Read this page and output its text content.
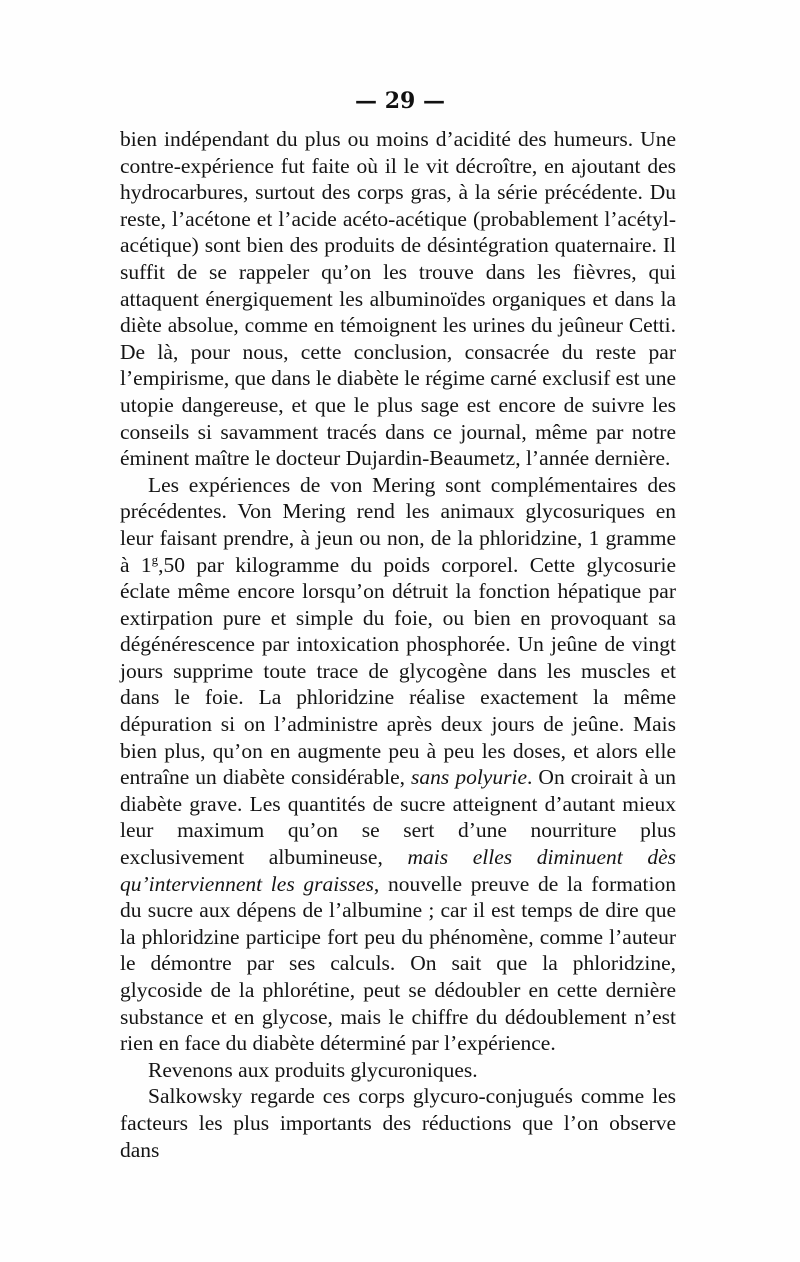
— 29 —

bien indépendant du plus ou moins d’acidité des humeurs. Une contre-expérience fut faite où il le vit décroître, en ajoutant des hydrocarbures, surtout des corps gras, à la série précédente. Du reste, l’acétone et l’acide acéto-acétique (probablement l’acétyl-acétique) sont bien des produits de désintégration quaternaire. Il suffit de se rappeler qu’on les trouve dans les fièvres, qui attaquent énergiquement les albuminoïdes organiques et dans la diète absolue, comme en témoignent les urines du jeûneur Cetti. De là, pour nous, cette conclusion, consacrée du reste par l’empirisme, que dans le diabète le régime carné exclusif est une utopie dangereuse, et que le plus sage est encore de suivre les conseils si savamment tracés dans ce journal, même par notre éminent maître le docteur Dujardin-Beaumetz, l’année dernière.

Les expériences de von Mering sont complémentaires des précédentes. Von Mering rend les animaux glycosuriques en leur faisant prendre, à jeun ou non, de la phloridzine, 1 gramme à 1$^g$,50 par kilogramme du poids corporel. Cette glycosurie éclate même encore lorsqu’on détruit la fonction hépatique par extirpation pure et simple du foie, ou bien en provoquant sa dégénérescence par intoxication phosphorée. Un jeûne de vingt jours supprime toute trace de glycogène dans les muscles et dans le foie. La phloridzine réalise exactement la même dépuration si on l’administre après deux jours de jeûne. Mais bien plus, qu’on en augmente peu à peu les doses, et alors elle entraîne un diabète considérable, sans polyurie. On croirait à un diabète grave. Les quantités de sucre atteignent d’autant mieux leur maximum qu’on se sert d’une nourriture plus exclusivement albumineuse, mais elles diminuent dès qu’interviennent les graisses, nouvelle preuve de la formation du sucre aux dépens de l’albumine ; car il est temps de dire que la phloridzine participe fort peu du phénomène, comme l’auteur le démontre par ses calculs. On sait que la phloridzine, glycoside de la phlorétine, peut se dédoubler en cette dernière substance et en glycose, mais le chiffre du dédoublement n’est rien en face du diabète déterminé par l’expérience.

Revenons aux produits glycuroniques.

Salkowsky regarde ces corps glycuro-conjugués comme les facteurs les plus importants des réductions que l’on observe dans
